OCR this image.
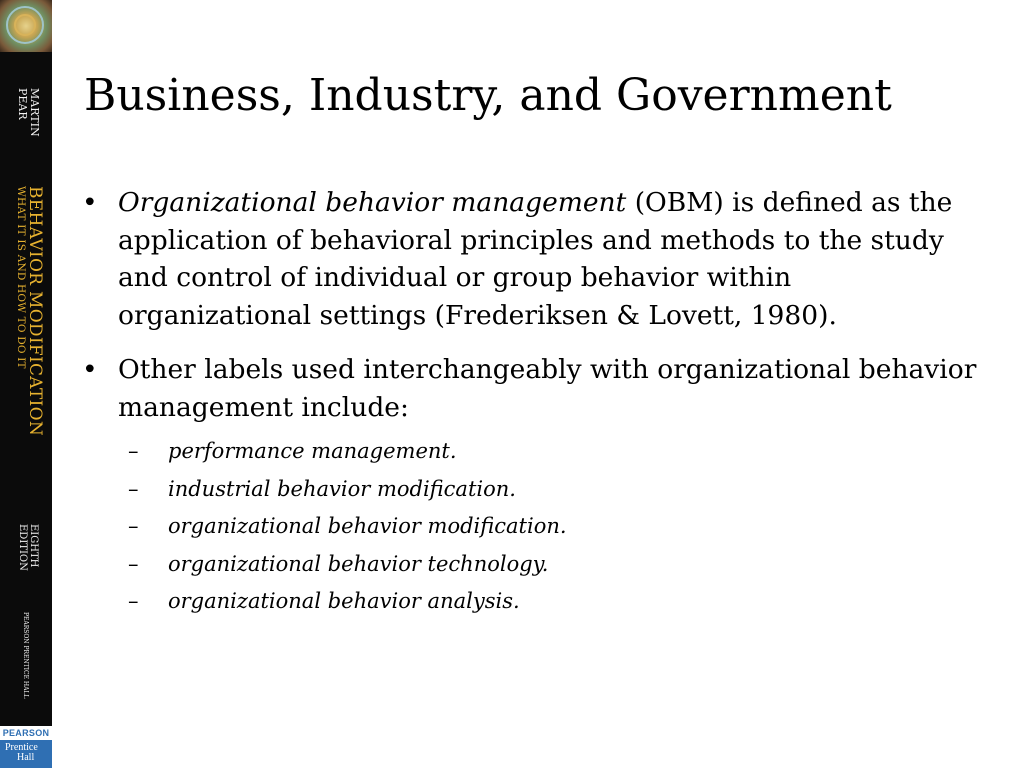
MARTIN
PEAR
BEHAVIOR MODIFICATION
WHAT IT IS AND HOW TO DO IT
EIGHTH
EDITION
PEARSON PRENTICE HALL
PEARSON
Prentice
Hall
Business, Industry, and Government
• Organizational behavior management (OBM) is defined as the application of behavioral principles and methods to the study and control of individual or group behavior within organizational settings (Frederiksen & Lovett, 1980).
• Other labels used interchangeably with organizational behavior management include:
– performance management.
– industrial behavior modification.
– organizational behavior modification.
– organizational behavior technology.
– organizational behavior analysis.
